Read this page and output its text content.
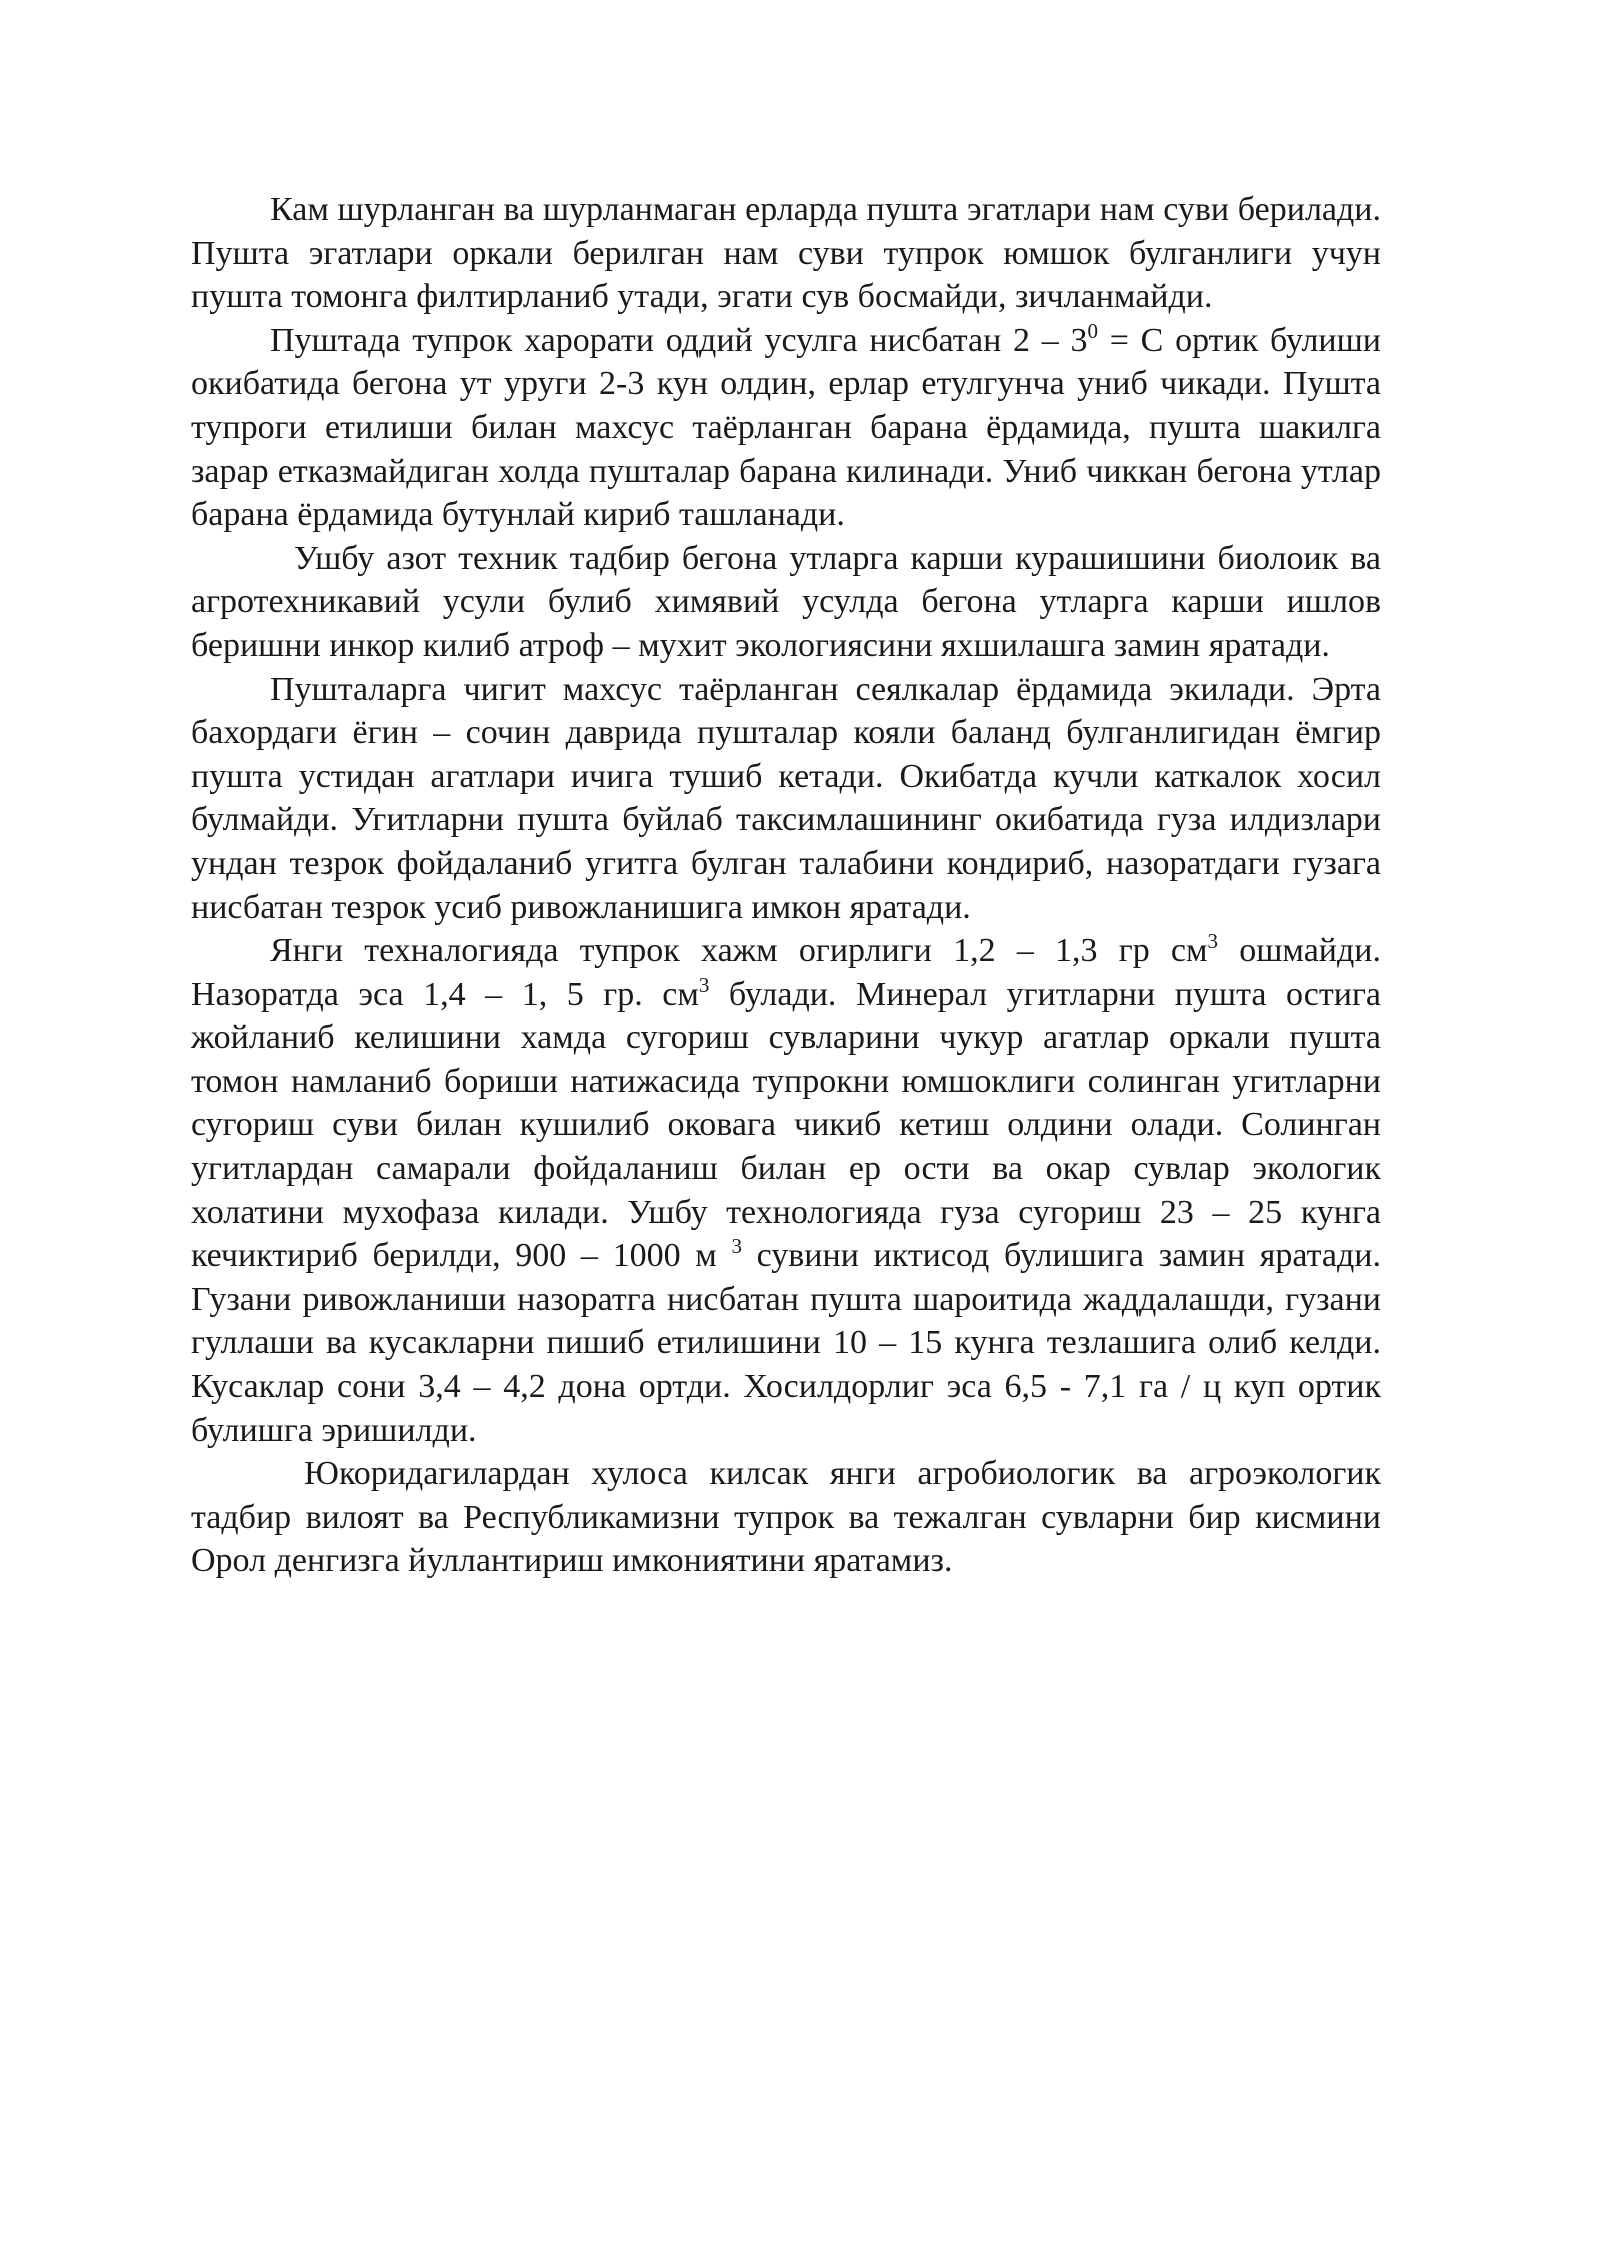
Кам шурланган ва шурланмаган ерларда пушта эгатлари нам суви берилади. Пушта эгатлари оркали берилган нам суви тупрок юмшок булганлиги учун пушта томонга филтирланиб утади, эгати сув босмайди, зичланмайди.

Пуштада тупрок харорати оддий усулга нисбатан $2 - 3^0 = С$ ортик булиши окибатида бегона ут уруги 2-3 кун олдин, ерлар етулгунча униб чикади. Пушта тупроги етилиши билан махсус таёрланган барана ёрдамида, пушта шакилга зарар етказмайдиган холда пушталар барана килинади. Униб чиккан бегона утлар барана ёрдамида бутунлай кириб ташланади.

Ушбу азот техник тадбир бегона утларга карши курашишини биолоик ва агротехникавий усули булиб химявий усулда бегона утларга карши ишлов беришни инкор килиб атроф – мухит экологиясини яхшилашга замин яратади.

Пушталарга чигит махсус таёрланган сеялкалар ёрдамида экилади. Эрта бахордаги ёгин – сочин даврида пушталар кояли баланд булганлигидан ёмгир пушта устидан агатлари ичига тушиб кетади. Окибатда кучли каткалок хосил булмайди. Угитларни пушта буйлаб таксимлашининг окибатида гуза илдизлари ундан тезрок фойдаланиб угитга булган талабини кондириб, назоратдаги гузага нисбатан тезрок усиб ривожланишига имкон яратади.

Янги техналогияда тупрок хажм огирлиги 1,2 – 1,3 гр $см^3$ ошмайди. Назоратда эса 1,4 – 1, 5 гр. $см^3$ булади. Минерал угитларни пушта остига жойланиб келишини хамда сугориш сувларини чукур агатлар оркали пушта томон намланиб бориши натижасида тупрокни юмшоклиги солинган угитларни сугориш суви билан кушилиб оковага чикиб кетиш олдини олади. Солинган угитлардан самарали фойдаланиш билан ер ости ва окар сувлар экологик холатини мухофаза килади. Ушбу технологияда гуза сугориш 23 – 25 кунга кечиктириб берилди, 900 – 1000 м $^3$ сувини иктисод булишига замин яратади. Гузани ривожланиши назоратга нисбатан пушта шароитида жаддалашди, гузани гуллаши ва кусакларни пишиб етилишини 10 – 15 кунга тезлашига олиб келди. Кусаклар сони 3,4 – 4,2 дона ортди. Хосилдорлиг эса 6,5 - 7,1 га / ц куп ортик булишга эришилди.

Юкоридагилардан хулоса килсак янги агробиологик ва агроэкологик тадбир вилоят ва Республикамизни тупрок ва тежалган сувларни бир кисмини Орол денгизга йуллантириш имкониятини яратамиз.
